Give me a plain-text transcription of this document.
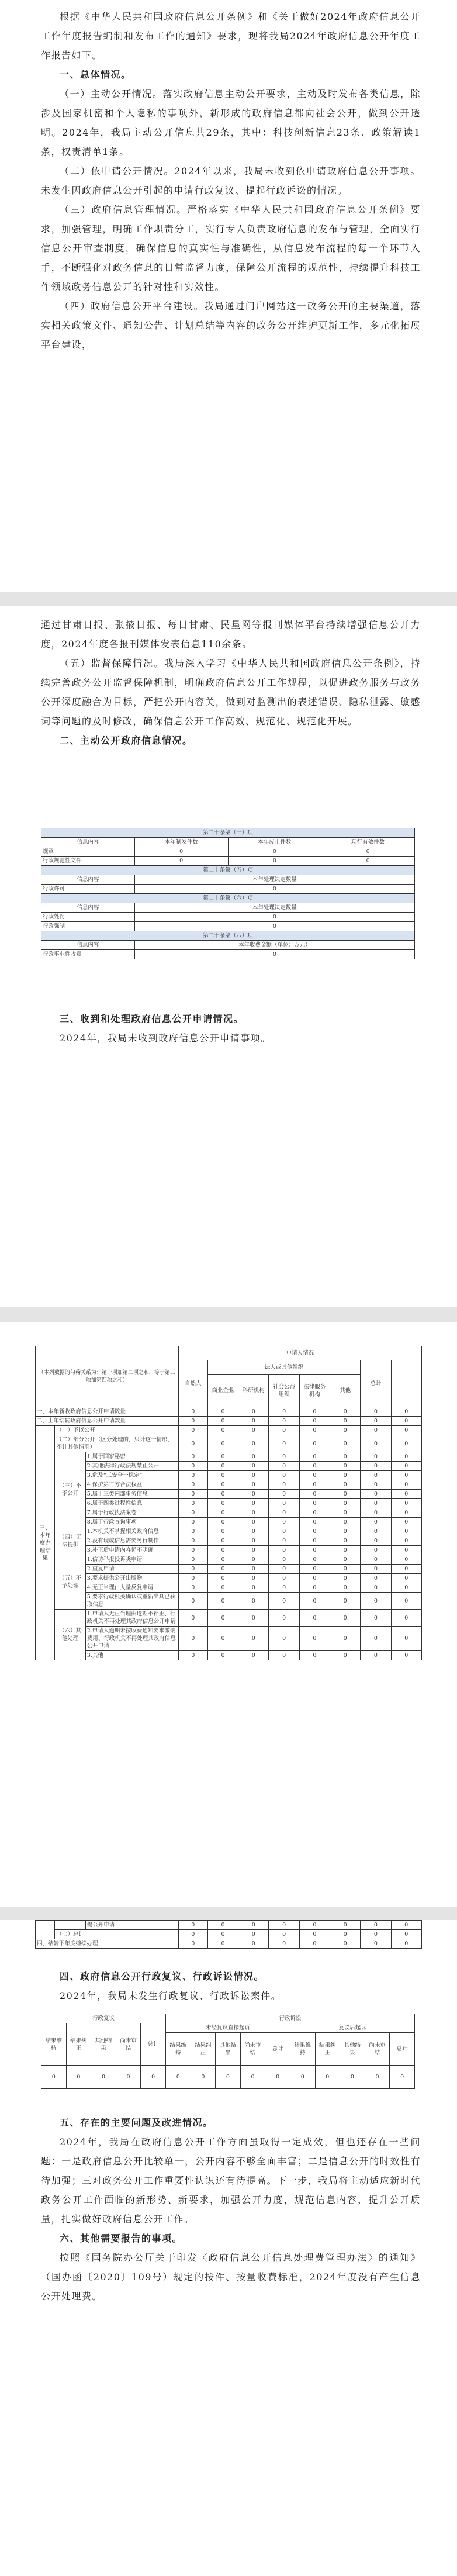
根据《中华人民共和国政府信息公开条例》和《关于做好2024年政府信息公开工作年度报告编制和发布工作的通知》要求，现将我局2024年政府信息公开年度工作报告如下。

一、总体情况。

（一）主动公开情况。落实政府信息主动公开要求，主动及时发布各类信息，除涉及国家机密和个人隐私的事项外，新形成的政府信息都向社会公开，做到公开透明。2024年，我局主动公开信息共29条，其中：科技创新信息23条、政策解读1条，权责清单1条。

（二）依申请公开情况。2024年以来，我局未收到依申请政府信息公开事项。未发生因政府信息公开引起的申请行政复议、提起行政诉讼的情况。

（三）政府信息管理情况。严格落实《中华人民共和国政府信息公开条例》要求，加强管理，明确工作职责分工，实行专人负责政府信息的发布与管理，全面实行信息公开审查制度，确保信息的真实性与准确性，从信息发布流程的每一个环节入手，不断强化对政务信息的日常监督力度，保障公开流程的规范性，持续提升科技工作领域政务信息公开的针对性和实效性。

（四）政府信息公开平台建设。我局通过门户网站这一政务公开的主要渠道，落实相关政策文件、通知公告、计划总结等内容的政务公开维护更新工作，多元化拓展平台建设，

通过甘肃日报、张掖日报、每日甘肃、民星网等报刊媒体平台持续增强信息公开力度，2024年度各报刊媒体发表信息110余条。

（五）监督保障情况。我局深入学习《中华人民共和国政府信息公开条例》，持续完善政务公开监督保障机制，明确政府信息公开工作规程，以促进政务服务与政务公开深度融合为目标，严把公开内容关，做到对监测出的表述错误、隐私泄露、敏感词等问题的及时修改，确保信息公开工作高效、规范化、规范化开展。

二、主动公开政府信息情况。

第二十条第（一）项			
信息内容	本年制发件数	本年废止件数	现行有效件数
规章	0	0	0
行政规范性文件	0	0	0
第二十条第（五）项			
信息内容	本年处理决定数量		
行政许可	0		
第二十条第（六）项			
信息内容	本年处理决定数量		
行政处罚	0		
行政强制	0		
第二十条第（八）项			
信息内容	本年收费金额（单位：万元）		
行政事业性收费	0		

三、收到和处理政府信息公开申请情况。

2024年，我局未收到政府信息公开申请事项。

（本列数据的勾稽关系为：第一项加第二项之和，等于第三项加第四项之和）			申请人情况							
			自然人	法人或其他组织					总计	
				商业企业	科研机构	社会公益组织	法律服务机构	其他		
一、本年新收政府信息公开申请数量			0	0	0	0	0	0	0	0
二、上年结转政府信息公开申请数量			0	0	0	0	0	0	0	0
三、本年度办理结果	（一）予以公开		0	0	0	0	0	0	0	0
	（二）部分公开（区分处理的，只计这一情形，不计其他情形）		0	0	0	0	0	0	0	0
	（三）不予公开	1.属于国家秘密	0	0	0	0	0	0	0	0
		2.其他法律行政法规禁止公开	0	0	0	0	0	0	0	0
		3.危及“三安全一稳定”	0	0	0	0	0	0	0	0
		4.保护第三方合法权益	0	0	0	0	0	0	0	0
		5.属于三类内部事务信息	0	0	0	0	0	0	0	0
		6.属于四类过程性信息	0	0	0	0	0	0	0	0
		7.属于行政执法案卷	0	0	0	0	0	0	0	0
		8.属于行政查询事项	0	0	0	0	0	0	0	0
	（四）无法提供	1.本机关不掌握相关政府信息	0	0	0	0	0	0	0	0
		2.没有现成信息需要另行制作	0	0	0	0	0	0	0	0
		3.补正后申请内容仍不明确	0	0	0	0	0	0	0	0
	（五）不予处理	1.信访举报投诉类申请	0	0	0	0	0	0	0	0
		2.重复申请	0	0	0	0	0	0	0	0
		3.要求提供公开出版物	0	0	0	0	0	0	0	0
		4.无正当理由大量反复申请	0	0	0	0	0	0	0	0
		5.要求行政机关确认或重新出具已获取信息	0	0	0	0	0	0	0	0
	（六）其他处理	1.申请人无正当理由逾期不补正、行政机关不再处理其政府信息公开申请	0	0	0	0	0	0	0	0
		2.申请人逾期未按收费通知要求缴纳费用、行政机关不再处理其政府信息公开申请	0	0	0	0	0	0	0	0
		3.其他	0	0	0	0	0	0	0	0
		提公开申请	0	0	0	0	0	0	0	0
	（七）总计		0	0	0	0	0	0	0	0
四、结转下年度继续办理			0	0	0	0	0	0	0	0

四、政府信息公开行政复议、行政诉讼情况。

2024年，我局未发生行政复议、行政诉讼案件。

行政复议					行政诉讼									
结果维持	结果纠正	其他结果	尚未审结	总计	未经复议直接起诉					复议后起诉				
					结果维持	结果纠正	其他结果	尚未审结	总计	结果维持	结果纠正	其他结果	尚未审结	总计
0	0	0	0	0	0	0	0	0	0	0	0	0	0	0

五、存在的主要问题及改进情况。

2024年，我局在政府信息公开工作方面虽取得一定成效，但也还存在一些问题：一是政府信息公开比较单一，公开内容不够全面丰富；二是信息公开的时效性有待加强；三对政务公开工作重要性认识还有待提高。下一步，我局将主动适应新时代政务公开工作面临的新形势、新要求，加强公开力度，规范信息内容，提升公开质量，扎实做好政府信息公开工作。

六、其他需要报告的事项。

按照《国务院办公厅关于印发〈政府信息公开信息处理费管理办法〉的通知》（国办函〔2020〕109号）规定的按件、按量收费标准，2024年度没有产生信息公开处理费。
